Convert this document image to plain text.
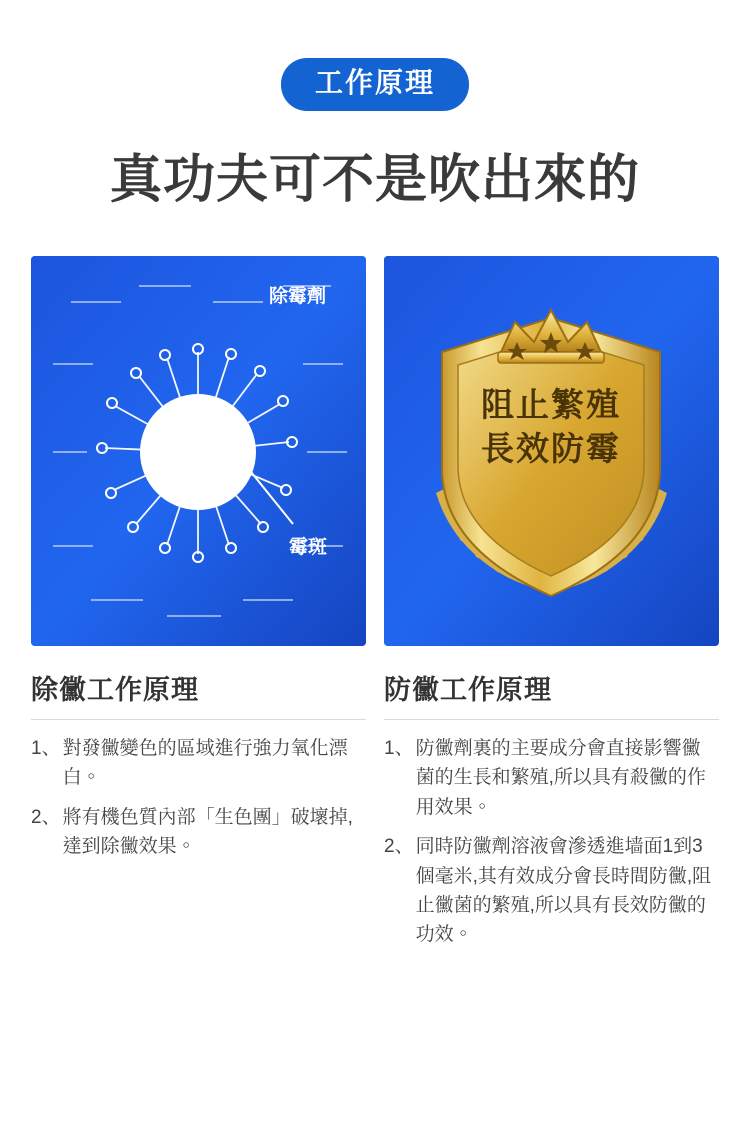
工作原理
真功夫可不是吹出來的
除霉劑
霉斑
除黴工作原理
1、 對發黴變色的區域進行強力氧化漂白。
2、 將有機色質內部「生色團」破壞掉,達到除黴效果。
阻止繁殖
長效防霉
防黴工作原理
1、 防黴劑裏的主要成分會直接影響黴菌的生長和繁殖,所以具有殺黴的作用效果。
2、 同時防黴劑溶液會滲透進墙面1到3個毫米,其有效成分會長時間防黴,阻止黴菌的繁殖,所以具有長效防黴的功效。
